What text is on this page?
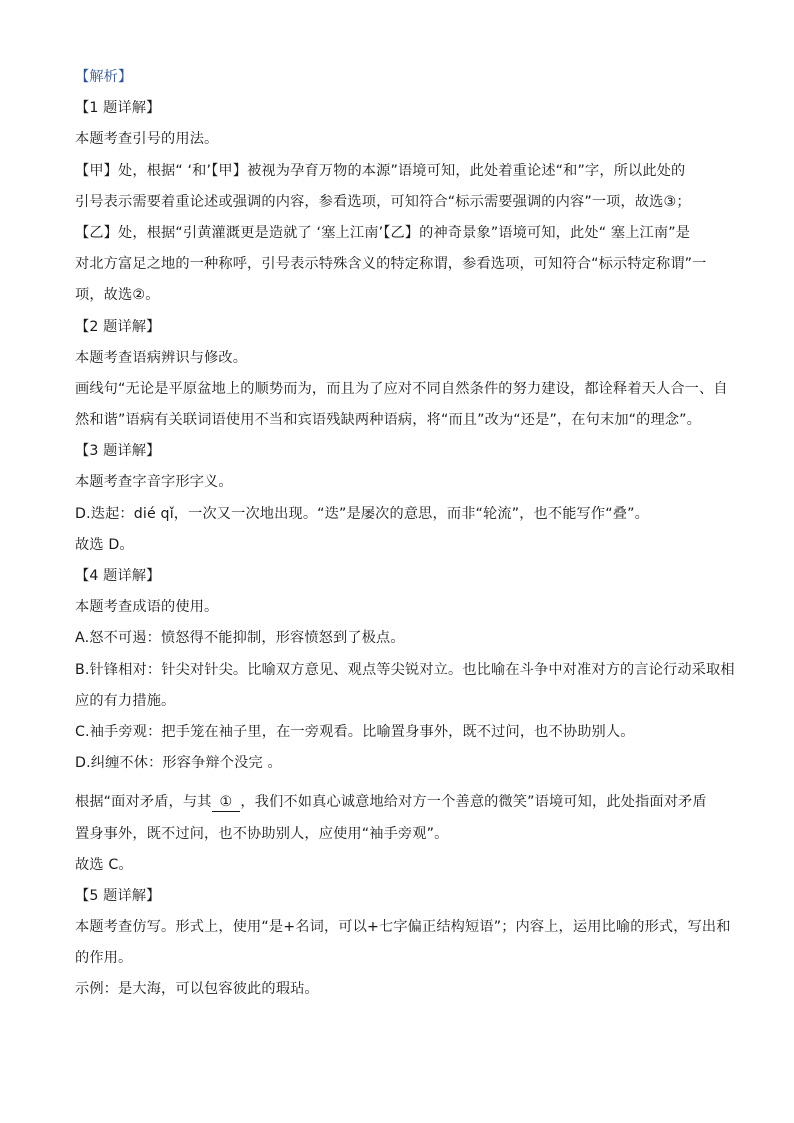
【解析】
【1 题详解】
本题考查引号的用法。
【甲】处，根据“ ‘和’【甲】被视为孕育万物的本源”语境可知，此处着重论述“和”字，所以此处的
引号表示需要着重论述或强调的内容，参看选项，可知符合“标示需要强调的内容”一项，故选③；
【乙】处，根据“引黄灌溉更是造就了 ‘塞上江南’【乙】的神奇景象”语境可知，此处“ 塞上江南”是
对北方富足之地的一种称呼，引号表示特殊含义的特定称谓，参看选项，可知符合“标示特定称谓”一
项，故选②。
【2 题详解】
本题考查语病辨识与修改。
画线句“无论是平原盆地上的顺势而为，而且为了应对不同自然条件的努力建设，都诠释着天人合一、自
然和谐”语病有关联词语使用不当和宾语残缺两种语病，将“而且”改为“还是”，在句末加“的理念”。
【3 题详解】
本题考查字音字形字义。
D.迭起：dié qǐ，一次又一次地出现。“迭”是屡次的意思，而非“轮流”，也不能写作“叠”。
故选 D。
【4 题详解】
本题考查成语的使用。
A.怒不可遏：愤怒得不能抑制，形容愤怒到了极点。
B.针锋相对：针尖对针尖。比喻双方意见、观点等尖锐对立。也比喻在斗争中对准对方的言论行动采取相
应的有力措施。
C.袖手旁观：把手笼在袖子里，在一旁观看。比喻置身事外，既不过问，也不协助别人。
D.纠缠不休：形容争辩个没完 。
根据“面对矛盾，与其 ① ，我们不如真心诚意地给对方一个善意的微笑”语境可知，此处指面对矛盾
置身事外，既不过问，也不协助别人，应使用“袖手旁观”。
故选 C。
【5 题详解】
本题考查仿写。形式上，使用“是+名词，可以+七字偏正结构短语”；内容上，运用比喻的形式，写出和
的作用。
示例：是大海，可以包容彼此的瑕玷。
